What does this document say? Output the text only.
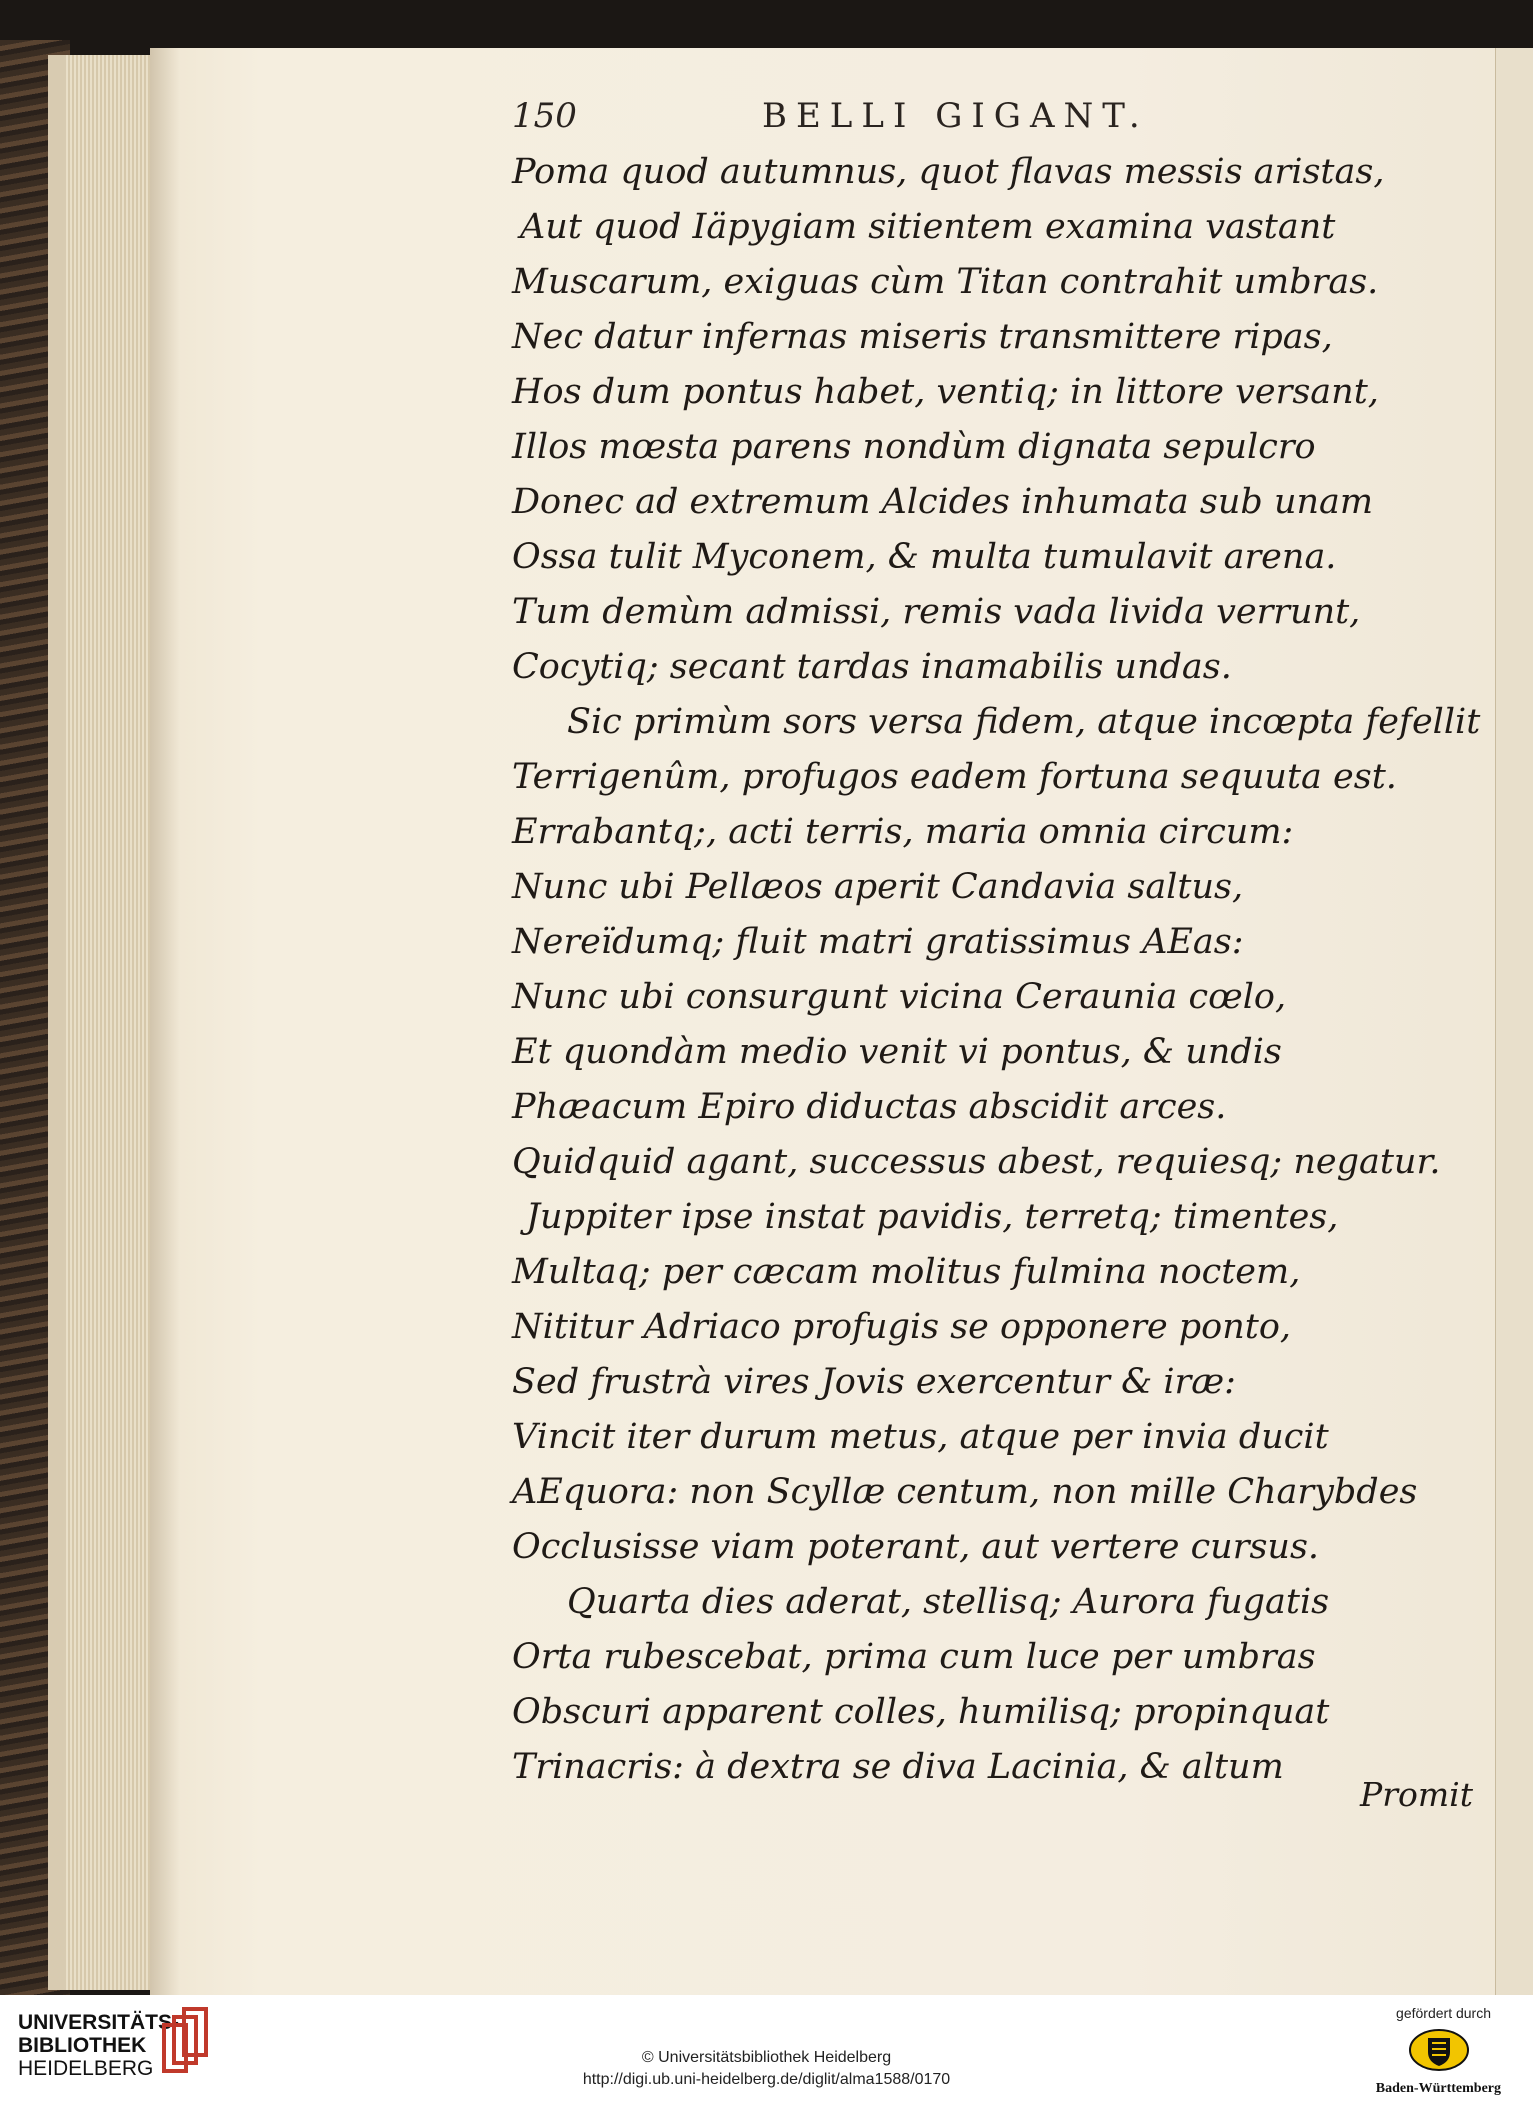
150	BELLI GIGANT.
Poma quod autumnus, quot flavas messis aristas,
Aut quod Iäpygiam sitientem examina vastant
Muscarum, exiguas cùm Titan contrahit umbras.
Nec datur infernas miseris transmittere ripas,
Hos dum pontus habet, ventiq; in littore versant,
Illos mœsta parens nondùm dignata sepulcro
Donec ad extremum Alcides inhumata sub unam
Ossa tulit Myconem, & multa tumulavit arena.
Tum demùm admissi, remis vada livida verrunt,
Cocytiq; secant tardas inamabilis undas.
Sic primùm sors versa fidem, atque incœpta fefellit
Terrigenûm, profugos eadem fortuna sequuta est.
Errabantq;, acti terris, maria omnia circum:
Nunc ubi Pellæos aperit Candavia saltus,
Nereïdumq; fluit matri gratissimus AEas:
Nunc ubi consurgunt vicina Ceraunia cœlo,
Et quondàm medio venit vi pontus, & undis
Phæacum Epiro diductas abscidit arces.
Quidquid agant, successus abest, requiesq; negatur.
Juppiter ipse instat pavidis, terretq; timentes,
Multaq; per cæcam molitus fulmina noctem,
Nititur Adriaco profugis se opponere ponto,
Sed frustrà vires Jovis exercentur & iræ:
Vincit iter durum metus, atque per invia ducit
AEquora: non Scyllæ centum, non mille Charybdes
Occlusisse viam poterant, aut vertere cursus.
Quarta dies aderat, stellisq; Aurora fugatis
Orta rubescebat, prima cum luce per umbras
Obscuri apparent colles, humilisq; propinquat
Trinacris: à dextra se diva Lacinia, & altum
Promit
UNIVERSITÄTS-
BIBLIOTHEK
HEIDELBERG	© Universitätsbibliothek Heidelberg
http://digi.ub.uni-heidelberg.de/diglit/alma1588/0170
gefördert durch
Baden-Württemberg
